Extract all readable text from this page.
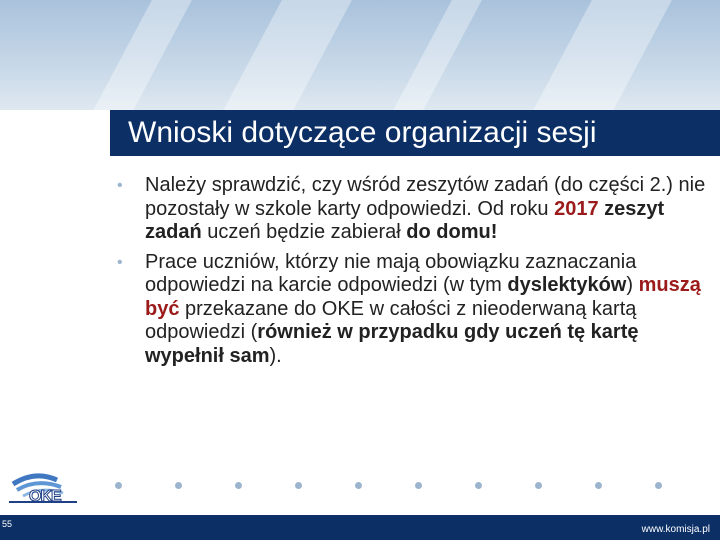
Wnioski dotyczące organizacji sesji
• Należy sprawdzić, czy wśród zeszytów zadań (do części 2.) nie pozostały w szkole karty odpowiedzi. Od roku 2017 zeszyt zadań uczeń będzie zabierał do domu!
• Prace uczniów, którzy nie mają obowiązku zaznaczania odpowiedzi na karcie odpowiedzi (w tym dyslektyków) muszą być przekazane do OKE w całości z nieoderwaną kartą odpowiedzi (również w przypadku gdy uczeń tę kartę wypełnił sam).
OKE
55	www.komisja.pl
